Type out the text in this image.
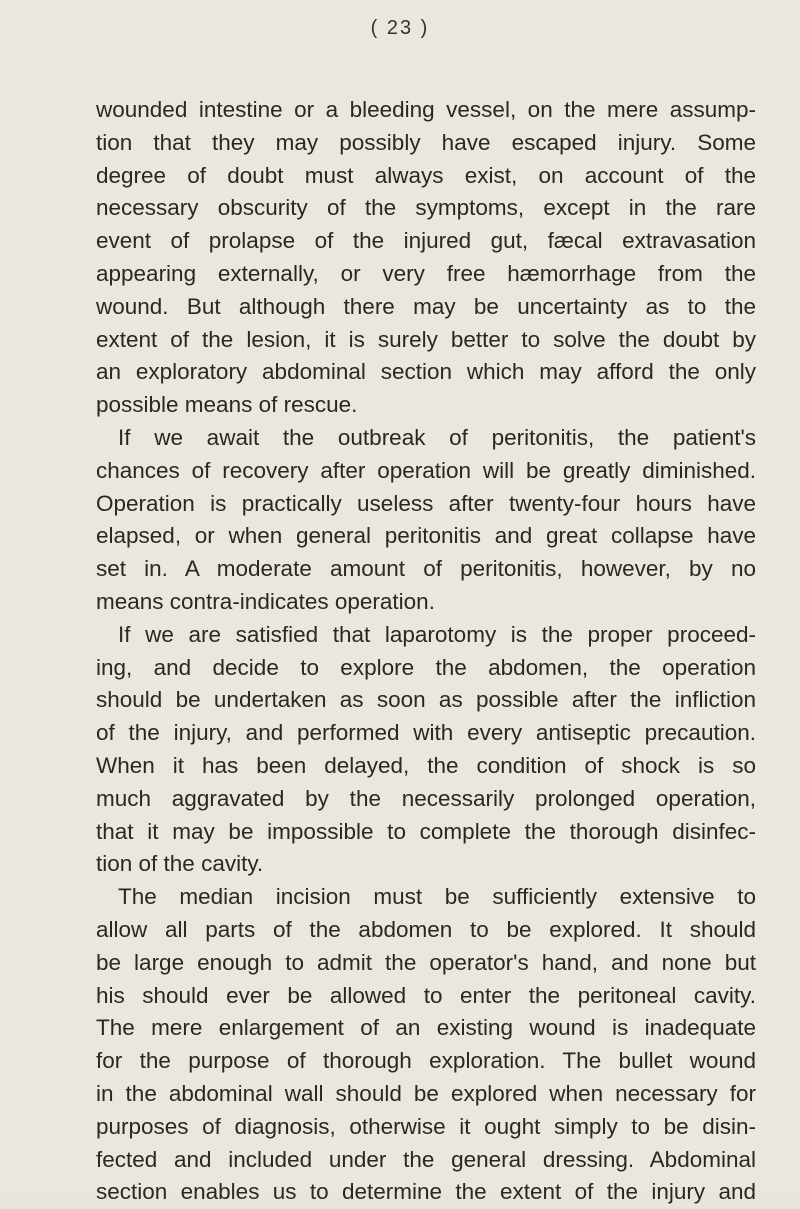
( 23 )
wounded intestine or a bleeding vessel, on the mere assump-
tion that they may possibly have escaped injury. Some
degree of doubt must always exist, on account of the
necessary obscurity of the symptoms, except in the rare
event of prolapse of the injured gut, fæcal extravasation
appearing externally, or very free hæmorrhage from the
wound. But although there may be uncertainty as to the
extent of the lesion, it is surely better to solve the doubt by
an exploratory abdominal section which may afford the only
possible means of rescue.
If we await the outbreak of peritonitis, the patient's
chances of recovery after operation will be greatly diminished.
Operation is practically useless after twenty-four hours have
elapsed, or when general peritonitis and great collapse have
set in. A moderate amount of peritonitis, however, by no
means contra-indicates operation.
If we are satisfied that laparotomy is the proper proceed-
ing, and decide to explore the abdomen, the operation
should be undertaken as soon as possible after the infliction
of the injury, and performed with every antiseptic precaution.
When it has been delayed, the condition of shock is so
much aggravated by the necessarily prolonged operation,
that it may be impossible to complete the thorough disinfec-
tion of the cavity.
The median incision must be sufficiently extensive to
allow all parts of the abdomen to be explored. It should
be large enough to admit the operator's hand, and none but
his should ever be allowed to enter the peritoneal cavity.
The mere enlargement of an existing wound is inadequate
for the purpose of thorough exploration. The bullet wound
in the abdominal wall should be explored when necessary for
purposes of diagnosis, otherwise it ought simply to be disin-
fected and included under the general dressing. Abdominal
section enables us to determine the extent of the injury and
